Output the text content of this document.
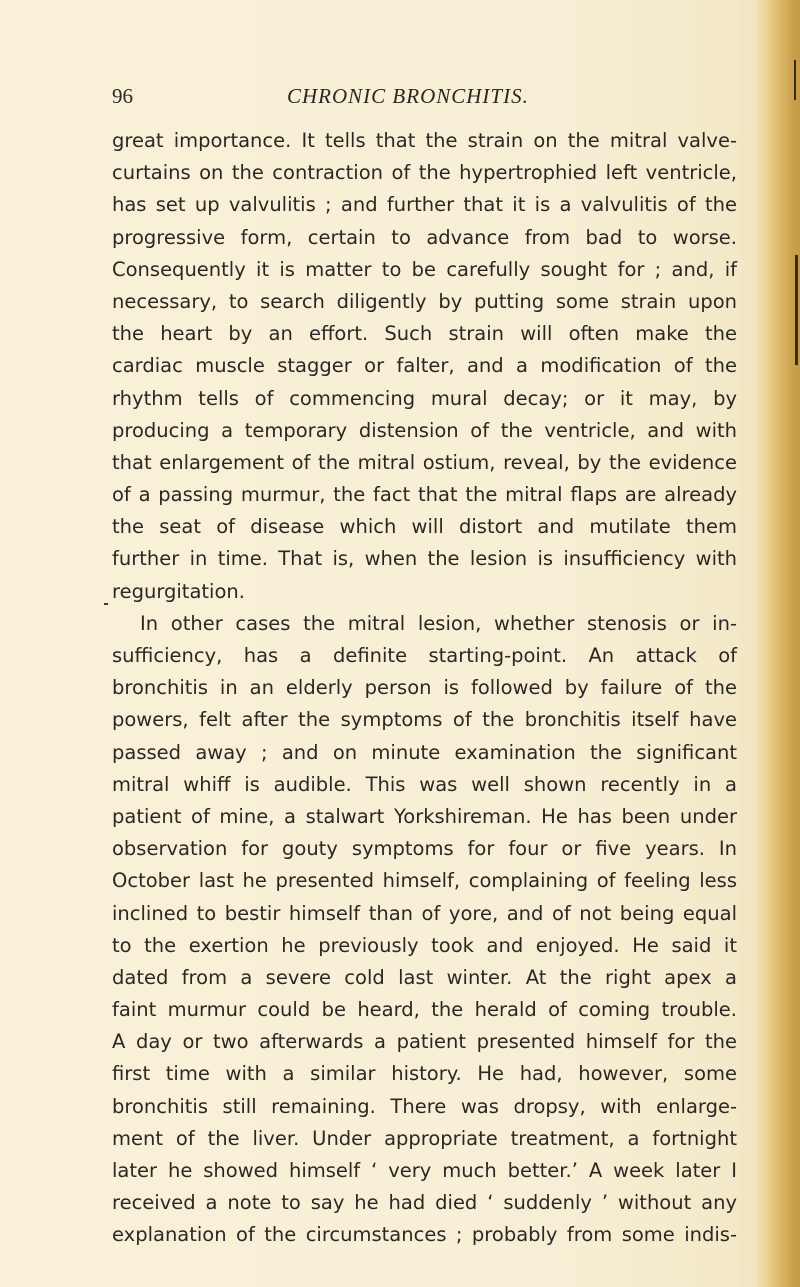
96	CHRONIC BRONCHITIS.
great importance. It tells that the strain on the mitral valve-
curtains on the contraction of the hypertrophied left ventricle,
has set up valvulitis ; and further that it is a valvulitis of the
progressive form, certain to advance from bad to worse.
Consequently it is matter to be carefully sought for ; and, if
necessary, to search diligently by putting some strain upon
the heart by an effort. Such strain will often make the
cardiac muscle stagger or falter, and a modification of the
rhythm tells of commencing mural decay; or it may, by
producing a temporary distension of the ventricle, and with
that enlargement of the mitral ostium, reveal, by the evidence
of a passing murmur, the fact that the mitral flaps are already
the seat of disease which will distort and mutilate them
further in time. That is, when the lesion is insufficiency with
regurgitation.
In other cases the mitral lesion, whether stenosis or in-
sufficiency, has a definite starting-point. An attack of
bronchitis in an elderly person is followed by failure of the
powers, felt after the symptoms of the bronchitis itself have
passed away ; and on minute examination the significant
mitral whiff is audible. This was well shown recently in a
patient of mine, a stalwart Yorkshireman. He has been under
observation for gouty symptoms for four or five years. In
October last he presented himself, complaining of feeling less
inclined to bestir himself than of yore, and of not being equal
to the exertion he previously took and enjoyed. He said it
dated from a severe cold last winter. At the right apex a
faint murmur could be heard, the herald of coming trouble.
A day or two afterwards a patient presented himself for the
first time with a similar history. He had, however, some
bronchitis still remaining. There was dropsy, with enlarge-
ment of the liver. Under appropriate treatment, a fortnight
later he showed himself ‘ very much better.’ A week later I
received a note to say he had died ‘ suddenly ’ without any
explanation of the circumstances ; probably from some indis-
